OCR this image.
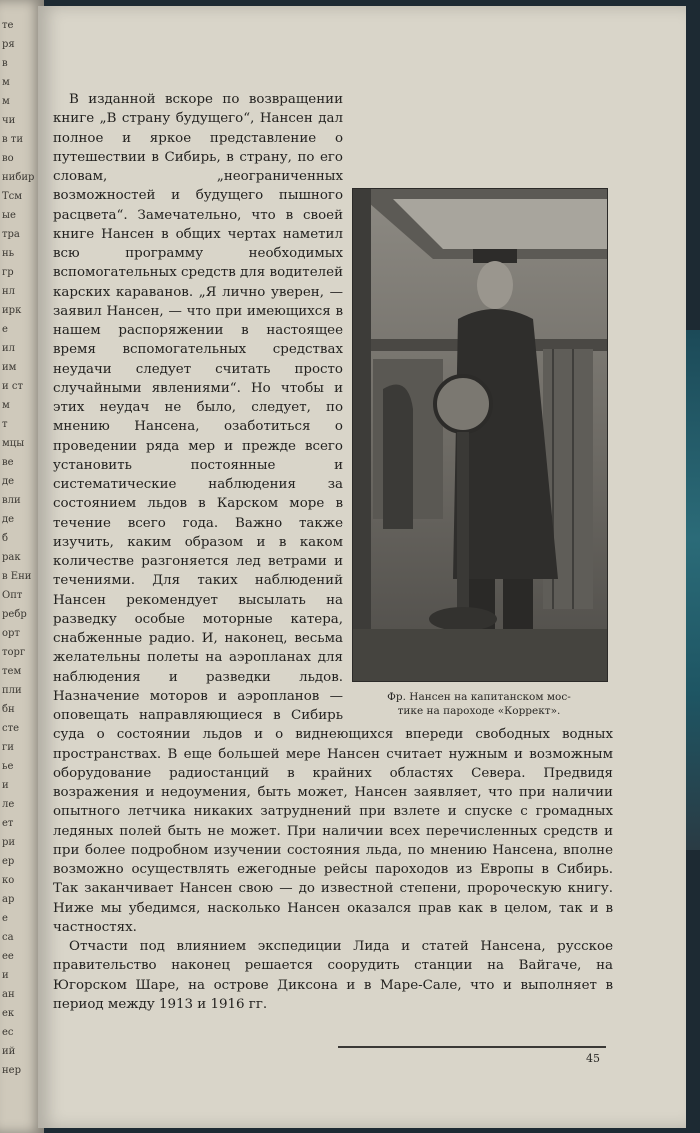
те
ря
в
м
м
чи
в ти
во
нибир
Тсм
ые
тра
нь
гр
нл
ирк
е
ил
им
и ст
м
т
мцы
ве
де
вли
де
б
рак
в Ени
Опт
ребр
орт
торг
тем
пли
бн
сте
ги
ье
и
ле
ет
ри
ер
ко
ар
е
са
ее
и
ан
ек
ес
ий
нер
Фр. Нансен на капитанском мос-
тике на пароходе «Коррект».

В изданной вскоре по возвращении книге „В страну будущего“, Нансен дал полное и яркое представление о путешествии в Сибирь, в страну, по его словам, „неограниченных возможностей и будущего пышного расцвета“. Замечательно, что в своей книге Нансен в общих чертах наметил всю программу необходимых вспомогательных средств для водителей карских караванов. „Я лично уверен, — заявил Нансен, — что при имеющихся в нашем распоряжении в настоящее время вспомогательных средствах неудачи следует считать просто случайными явлениями“. Но чтобы и этих неудач не было, следует, по мнению Нансена, озаботиться о проведении ряда мер и прежде всего установить постоянные и систематические наблюдения за состоянием льдов в Карском море в течение всего года. Важно также изучить, каким образом и в каком количестве разгоняется лед ветрами и течениями. Для таких наблюдений Нансен рекомендует высылать на разведку особые моторные катера, снабженные радио. И, наконец, весьма желательны полеты на аэропланах для наблюдения и разведки льдов. Назначение моторов и аэропланов — оповещать направляющиеся в Сибирь суда о состоянии льдов и о виднеющихся впереди свободных водных пространствах. В еще большей мере Нансен считает нужным и возможным оборудование радиостанций в крайних областях Севера. Предвидя возражения и недоумения, быть может, Нансен заявляет, что при наличии опытного летчика никаких затруднений при взлете и спуске с громадных ледяных полей быть не может. При наличии всех перечисленных средств и при более подробном изучении состояния льда, по мнению Нансена, вполне возможно осуществлять ежегодные рейсы пароходов из Европы в Сибирь. Так заканчивает Нансен свою — до известной степени, пророческую книгу. Ниже мы убедимся, насколько Нансен оказался прав как в целом, так и в частностях.

Отчасти под влиянием экспедиции Лида и статей Нансена, русское правительство наконец решается соорудить станции на Вайгаче, на Югорском Шаре, на острове Диксона и в Маре-Сале, что и выполняет в период между 1913 и 1916 гг.

45
